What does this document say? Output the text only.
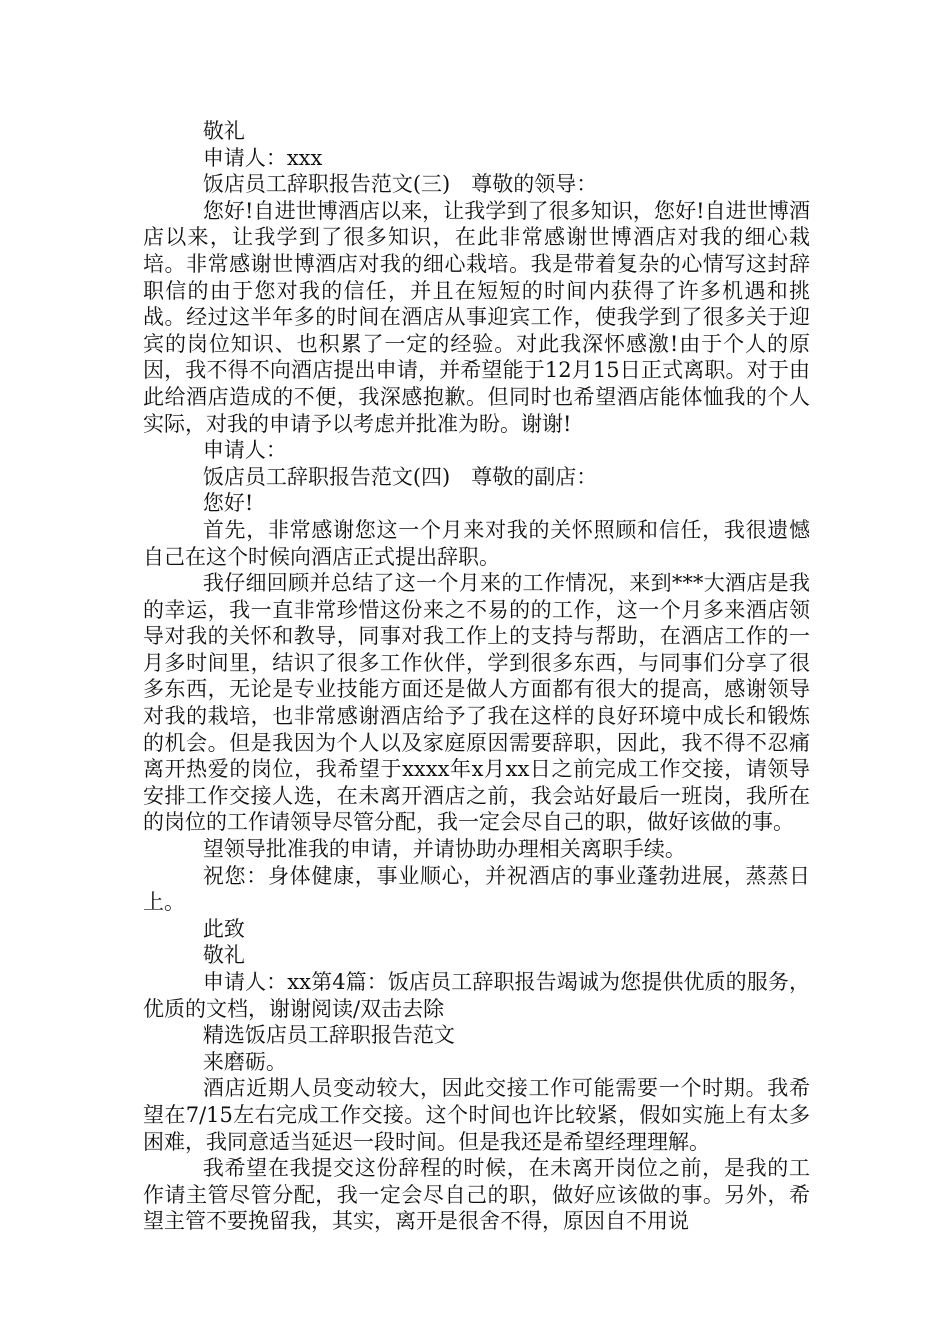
敬礼

申请人：xxx

饭店员工辞职报告范文(三)　尊敬的领导：

您好!自进世博酒店以来，让我学到了很多知识，您好!自进世博酒店以来，让我学到了很多知识，在此非常感谢世博酒店对我的细心栽培。非常感谢世博酒店对我的细心栽培。我是带着复杂的心情写这封辞职信的由于您对我的信任，并且在短短的时间内获得了许多机遇和挑战。经过这半年多的时间在酒店从事迎宾工作，使我学到了很多关于迎宾的岗位知识、也积累了一定的经验。对此我深怀感激!由于个人的原因，我不得不向酒店提出申请，并希望能于12月15日正式离职。对于由此给酒店造成的不便，我深感抱歉。但同时也希望酒店能体恤我的个人实际，对我的申请予以考虑并批准为盼。谢谢!

申请人：

饭店员工辞职报告范文(四)　尊敬的副店：

您好!

首先，非常感谢您这一个月来对我的关怀照顾和信任，我很遗憾自己在这个时候向酒店正式提出辞职。

我仔细回顾并总结了这一个月来的工作情况，来到***大酒店是我的幸运，我一直非常珍惜这份来之不易的的工作，这一个月多来酒店领导对我的关怀和教导，同事对我工作上的支持与帮助，在酒店工作的一月多时间里，结识了很多工作伙伴，学到很多东西，与同事们分享了很多东西，无论是专业技能方面还是做人方面都有很大的提高，感谢领导对我的栽培，也非常感谢酒店给予了我在这样的良好环境中成长和锻炼的机会。但是我因为个人以及家庭原因需要辞职，因此，我不得不忍痛离开热爱的岗位，我希望于xxxx年x月xx日之前完成工作交接，请领导安排工作交接人选，在未离开酒店之前，我会站好最后一班岗，我所在的岗位的工作请领导尽管分配，我一定会尽自己的职，做好该做的事。

望领导批准我的申请，并请协助办理相关离职手续。

祝您：身体健康，事业顺心，并祝酒店的事业蓬勃进展，蒸蒸日上。

此致

敬礼

申请人：xx第4篇：饭店员工辞职报告竭诚为您提供优质的服务，优质的文档，谢谢阅读/双击去除

精选饭店员工辞职报告范文

来磨砺。

酒店近期人员变动较大，因此交接工作可能需要一个时期。我希望在7/15左右完成工作交接。这个时间也许比较紧，假如实施上有太多困难，我同意适当延迟一段时间。但是我还是希望经理理解。

我希望在我提交这份辞程的时候，在未离开岗位之前，是我的工作请主管尽管分配，我一定会尽自己的职，做好应该做的事。另外，希望主管不要挽留我，其实，离开是很舍不得，原因自不用说
